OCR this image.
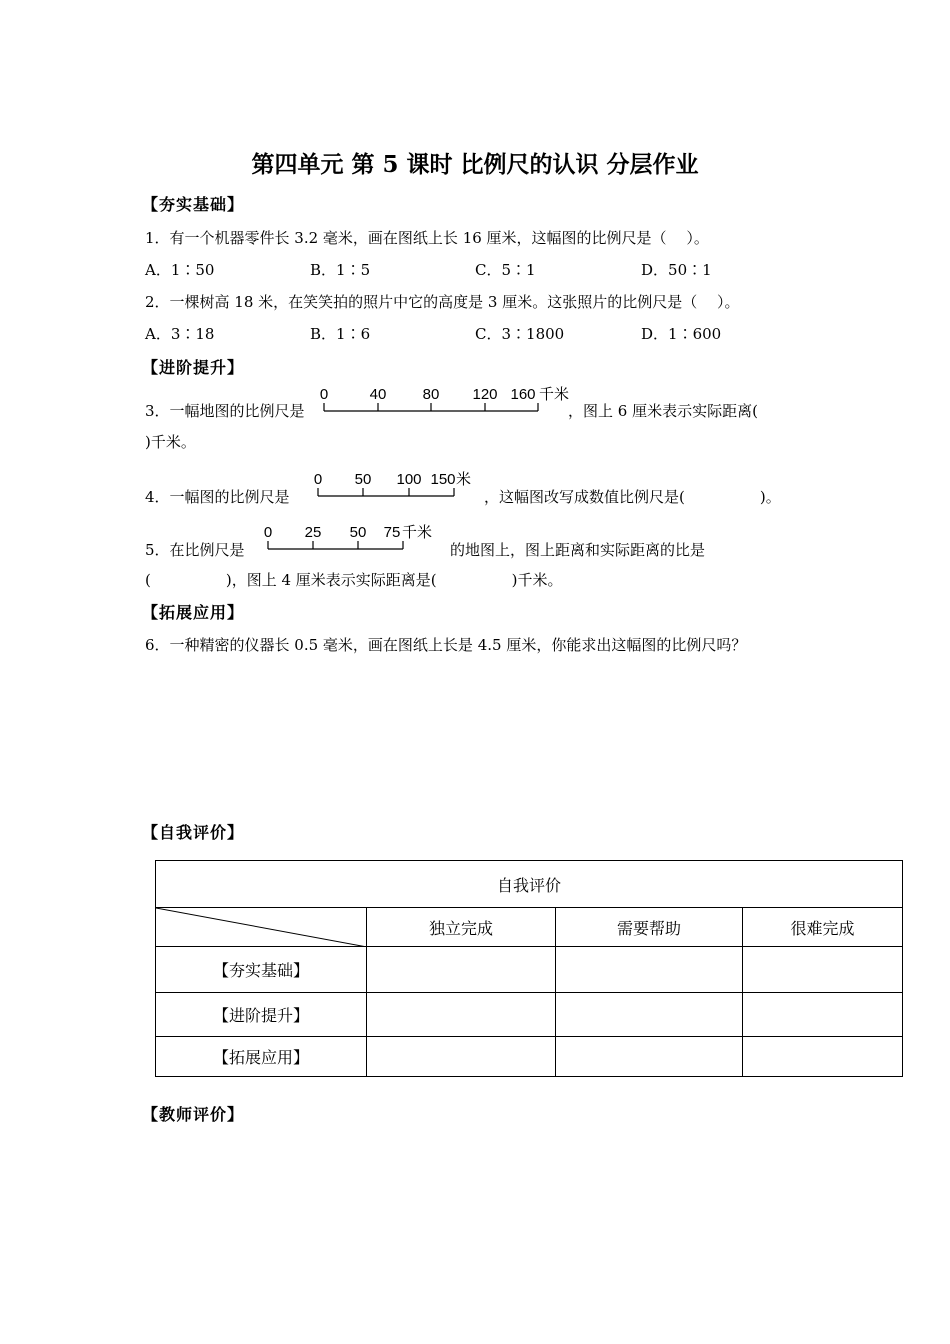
第四单元 第 5 课时 比例尺的认识 分层作业
【夯实基础】
1．有一个机器零件长 3.2 毫米，画在图纸上长 16 厘米，这幅图的比例尺是（　 ）。
A．1∶50	B．1∶5	C．5∶1	D．50∶1
2．一棵树高 18 米，在笑笑拍的照片中它的高度是 3 厘米。这张照片的比例尺是（　 ）。
A．3∶18	B．1∶6	C．3∶1800	D．1∶600
【进阶提升】
3．一幅地图的比例尺是
0	40 80 120 160 千米
，图上 6 厘米表示实际距离(
)千米。
4．一幅图的比例尺是
0 50 100 150 米
，这幅图改写成数值比例尺是(　　　　　)。
5．在比例尺是
0 25 50 75 千米
的地图上，图上距离和实际距离的比是
(　　　　　)，图上 4 厘米表示实际距离是(　　　　　)千米。
【拓展应用】
6．一种精密的仪器长 0.5 毫米，画在图纸上长是 4.5 厘米，你能求出这幅图的比例尺吗？
【自我评价】
自我评价			

	独立完成	需要帮助	很难完成
【夯实基础】			
【进阶提升】			
【拓展应用】			
【教师评价】
